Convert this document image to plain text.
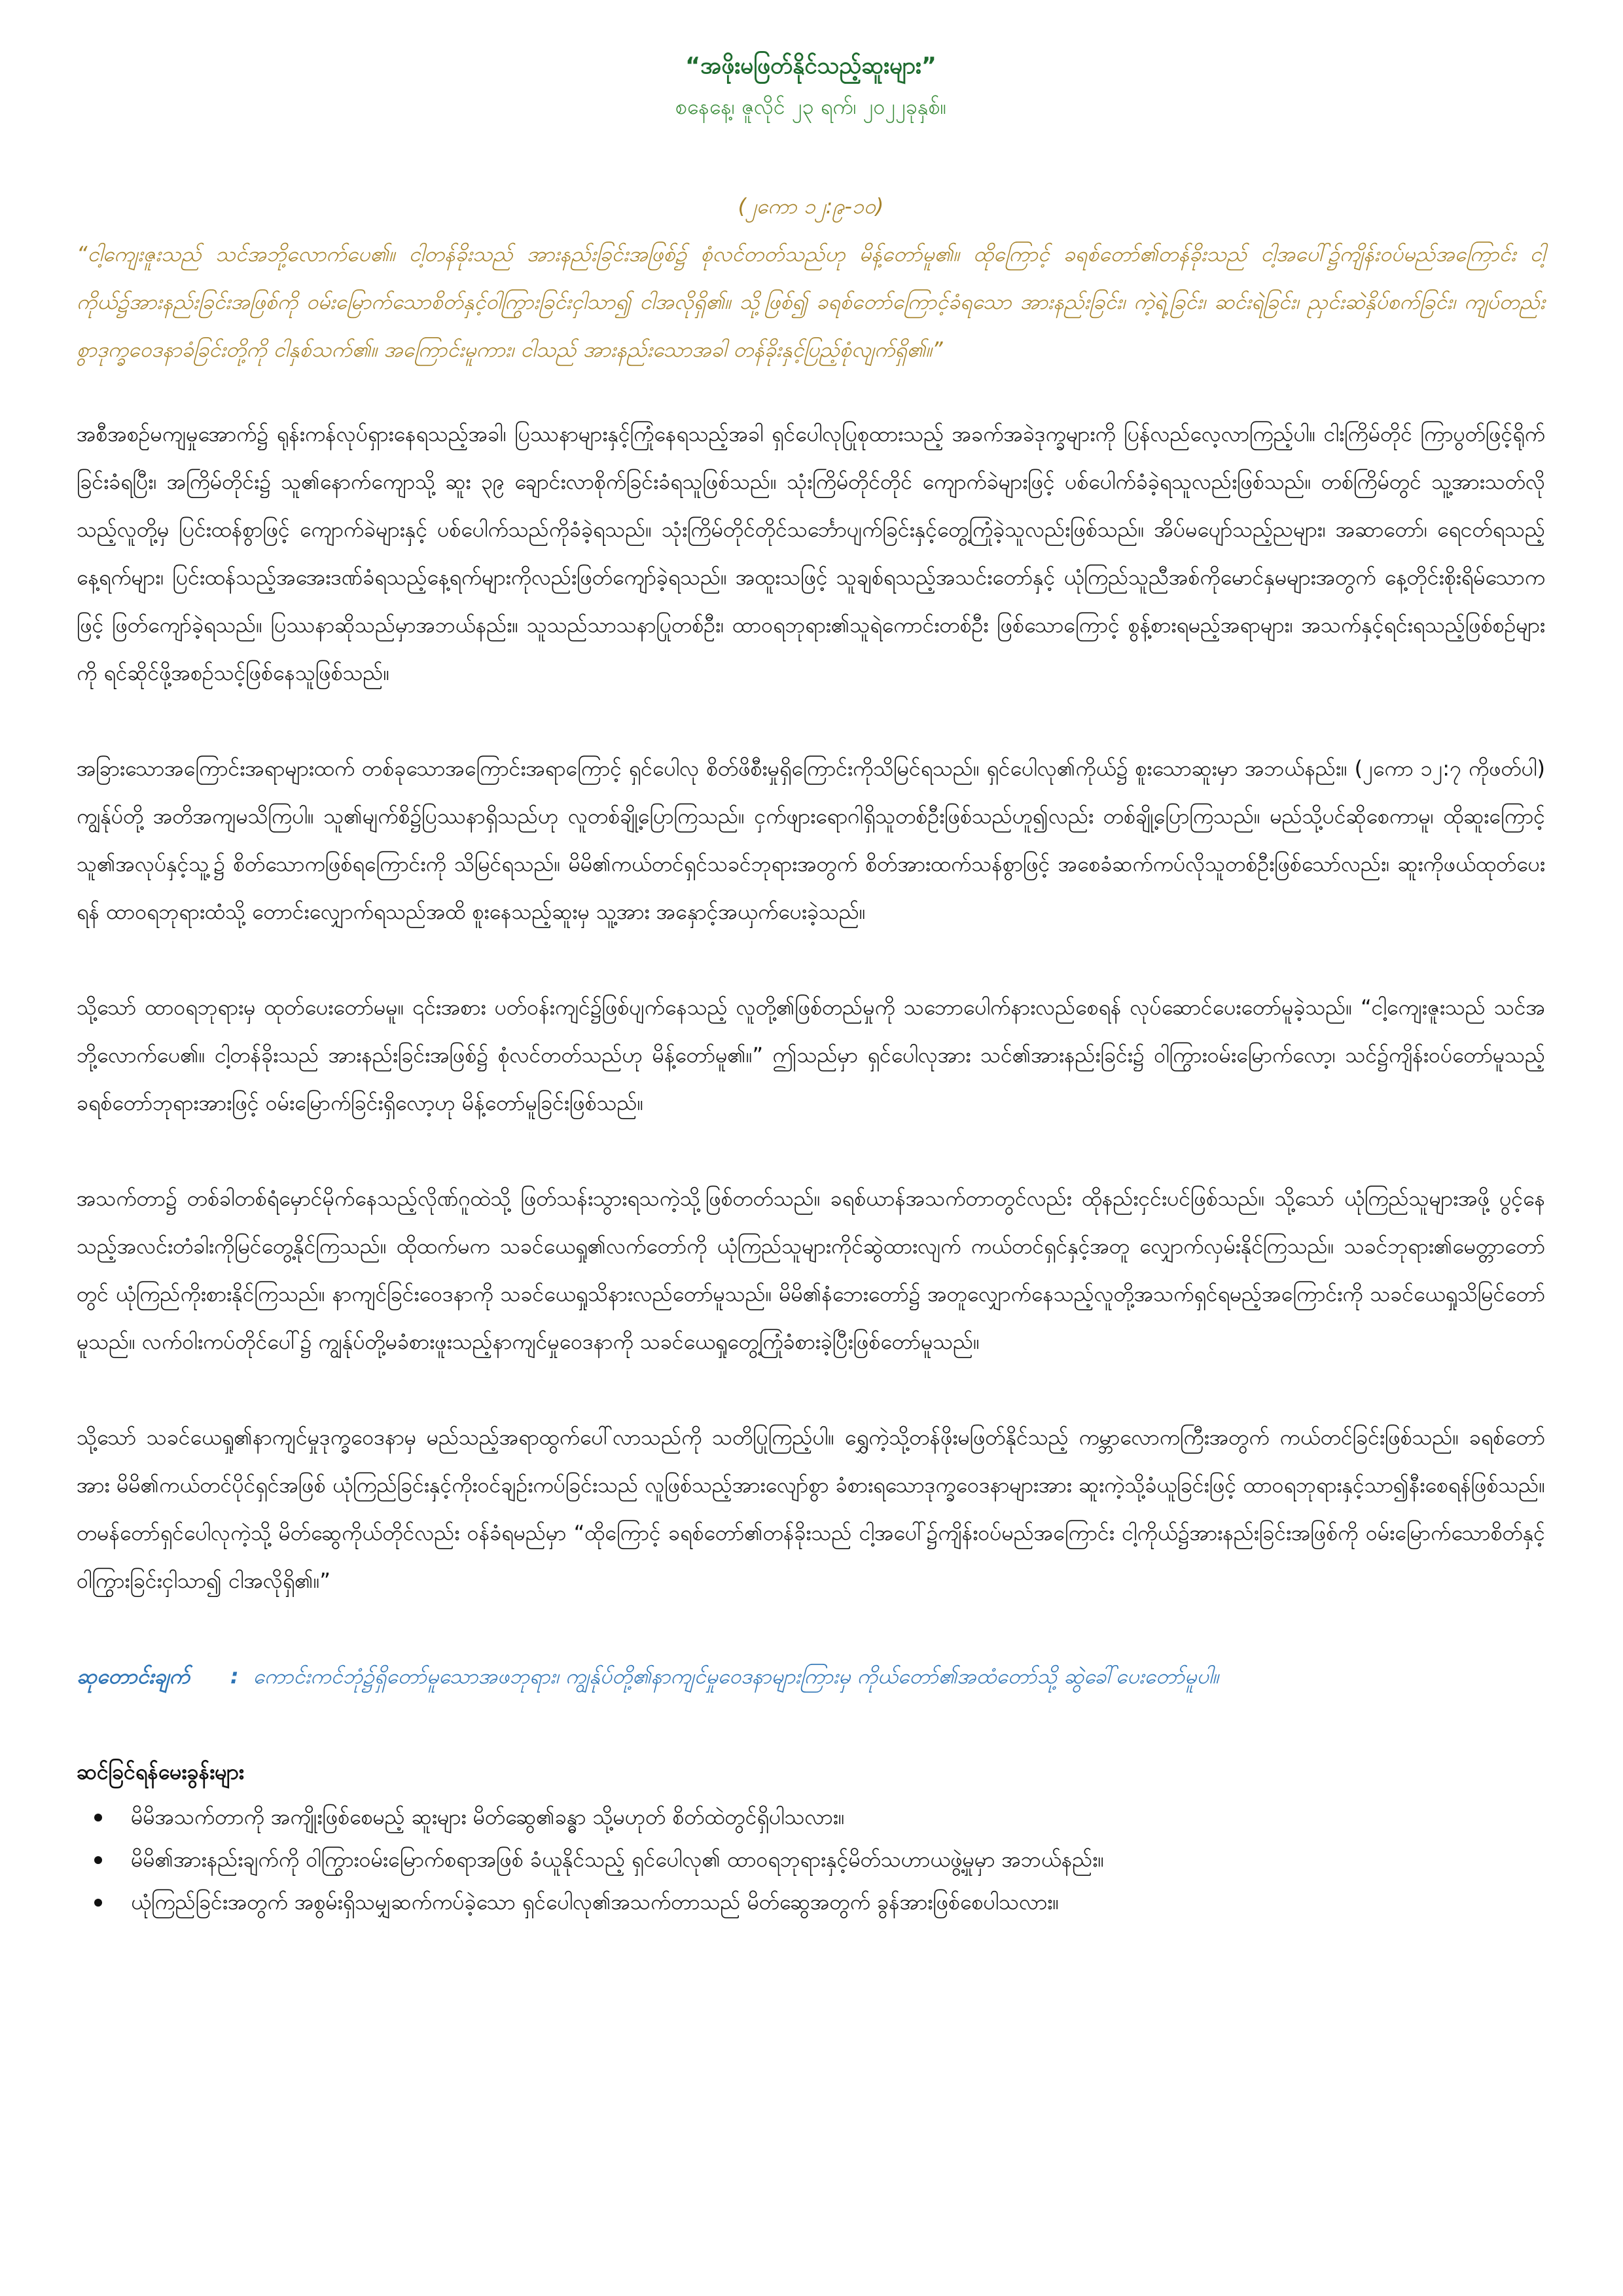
“အဖိုးမဖြတ်နိုင်သည့်ဆူးများ”
စနေနေ့၊ ဇူလိုင် ၂၃ ရက်၊ ၂၀၂၂ခုနှစ်။
(၂ကော ၁၂:၉-၁၀)

“ငါ့ကျေးဇူးသည် သင်အဘို့လောက်ပေ၏။ ငါ့တန်ခိုးသည် အားနည်းခြင်းအဖြစ်၌ စုံလင်တတ်သည်ဟု မိန့်တော်မူ၏။ ထိုကြောင့် ခရစ်တော်၏တန်ခိုးသည် ငါ့အပေါ်၌ကျိန်းဝပ်မည်အကြောင်း ငါ့ကိုယ်၌အားနည်းခြင်းအဖြစ်ကို ဝမ်းမြောက်သောစိတ်နှင့်ဝါကြွားခြင်းငှါသာ၍ ငါအလိုရှိ၏။ သို့ဖြစ်၍ ခရစ်တော်ကြောင့်ခံရသော အားနည်းခြင်း၊ ကဲ့ရဲ့ခြင်း၊ ဆင်းရဲခြင်း၊ ညှင်းဆဲနှိပ်စက်ခြင်း၊ ကျပ်တည်းစွာဒုက္ခဝေဒနာခံခြင်းတို့ကို ငါနှစ်သက်၏။ အကြောင်းမူကား၊ ငါသည် အားနည်းသောအခါ တန်ခိုးနှင့်ပြည့်စုံလျက်ရှိ၏။”

အစီအစဉ်မကျမှုအောက်၌ ရုန်းကန်လုပ်ရှားနေရသည့်အခါ၊ ပြဿနာများနှင့်ကြုံနေရသည့်အခါ ရှင်ပေါလုပြုစုထားသည့် အခက်အခဲဒုက္ခများကို ပြန်လည်လေ့လာကြည့်ပါ။ ငါးကြိမ်တိုင် ကြာပွတ်ဖြင့်ရိုက်ခြင်းခံရပြီး၊ အကြိမ်တိုင်း၌ သူ၏နောက်ကျောသို့ ဆူး ၃၉ ချောင်းလာစိုက်ခြင်းခံရသူဖြစ်သည်။ သုံးကြိမ်တိုင်တိုင် ကျောက်ခဲများဖြင့် ပစ်ပေါက်ခံခဲ့ရသူလည်းဖြစ်သည်။ တစ်ကြိမ်တွင် သူ့အားသတ်လိုသည့်လူတို့မှ ပြင်းထန်စွာဖြင့် ကျောက်ခဲများနှင့် ပစ်ပေါက်သည်ကိုခံခဲ့ရသည်။ သုံးကြိမ်တိုင်တိုင်သင်္ဘောပျက်ခြင်းနှင့်တွေ့ကြုံခဲ့သူလည်းဖြစ်သည်။ အိပ်မပျော်သည့်ညများ၊ အဆာတော်၊ ရေငတ်ရသည့် နေ့ရက်များ၊ ပြင်းထန်သည့်အအေးဒဏ်ခံရသည့်နေ့ရက်များကိုလည်းဖြတ်ကျော်ခဲ့ရသည်။ အထူးသဖြင့် သူချစ်ရသည့်အသင်းတော်နှင့် ယုံကြည်သူညီအစ်ကိုမောင်နှမများအတွက် နေ့တိုင်းစိုးရိမ်သောကဖြင့် ဖြတ်ကျော်ခဲ့ရသည်။ ပြဿနာဆိုသည်မှာအဘယ်နည်း။ သူသည်သာသနာပြုတစ်ဦး၊ ထာဝရဘုရား၏သူရဲကောင်းတစ်ဦး ဖြစ်သောကြောင့် စွန့်စားရမည့်အရာများ၊ အသက်နှင့်ရင်းရသည့်ဖြစ်စဉ်များကို ရင်ဆိုင်ဖို့အစဉ်သင့်ဖြစ်နေသူဖြစ်သည်။

အခြားသောအကြောင်းအရာများထက် တစ်ခုသောအကြောင်းအရာကြောင့် ရှင်ပေါလု စိတ်ဖိစီးမှုရှိကြောင်းကိုသိမြင်ရသည်။ ရှင်ပေါလု၏ကိုယ်၌ စူးသောဆူးမှာ အဘယ်နည်း။ (၂ကော ၁၂:၇ ကိုဖတ်ပါ) ကျွန်ုပ်တို့ အတိအကျမသိကြပါ။ သူ၏မျက်စိ၌ပြဿနာရှိသည်ဟု လူတစ်ချို့ပြောကြသည်။ ငှက်ဖျားရောဂါရှိသူတစ်ဦးဖြစ်သည်ဟူ၍လည်း တစ်ချို့ပြောကြသည်။ မည်သို့ပင်ဆိုစေကာမူ၊ ထိုဆူးကြောင့် သူ၏အလုပ်နှင့်သူ့၌ စိတ်သောကဖြစ်ရကြောင်းကို သိမြင်ရသည်။ မိမိ၏ကယ်တင်ရှင်သခင်ဘုရားအတွက် စိတ်အားထက်သန်စွာဖြင့် အစေခံဆက်ကပ်လိုသူတစ်ဦးဖြစ်သော်လည်း၊ ဆူးကိုဖယ်ထုတ်ပေးရန် ထာဝရဘုရားထံသို့ တောင်းလျှောက်ရသည်အထိ စူးနေသည့်ဆူးမှ သူ့အား အနှောင့်အယှက်ပေးခဲ့သည်။

သို့သော် ထာဝရဘုရားမှ ထုတ်ပေးတော်မမူ။ ၎င်းအစား ပတ်ဝန်းကျင်၌ဖြစ်ပျက်နေသည့် လူတို့၏ဖြစ်တည်မှုကို သဘောပေါက်နားလည်စေရန် လုပ်ဆောင်ပေးတော်မူခဲ့သည်။ “ငါ့ကျေးဇူးသည် သင်အဘို့လောက်ပေ၏။ ငါ့တန်ခိုးသည် အားနည်းခြင်းအဖြစ်၌ စုံလင်တတ်သည်ဟု မိန့်တော်မူ၏။” ဤသည်မှာ ရှင်ပေါလုအား သင်၏အားနည်းခြင်း၌ ဝါကြွားဝမ်းမြောက်လော့၊ သင်၌ကျိန်းဝပ်တော်မူသည့်ခရစ်တော်ဘုရားအားဖြင့် ဝမ်းမြောက်ခြင်းရှိလော့ဟု မိန့်တော်မူခြင်းဖြစ်သည်။

အသက်တာ၌ တစ်ခါတစ်ရံမှောင်မိုက်နေသည့်လိုဏ်ဂူထဲသို့ ဖြတ်သန်းသွားရသကဲ့သို့ဖြစ်တတ်သည်။ ခရစ်ယာန်အသက်တာတွင်လည်း ထိုနည်းငှင်းပင်ဖြစ်သည်။ သို့သော် ယုံကြည်သူများအဖို့ ပွင့်နေသည့်အလင်းတံခါးကိုမြင်တွေ့နိုင်ကြသည်။ ထိုထက်မက သခင်ယေရှု၏လက်တော်ကို ယုံကြည်သူများကိုင်ဆွဲထားလျက် ကယ်တင်ရှင်နှင့်အတူ လျှောက်လှမ်းနိုင်ကြသည်။ သခင်ဘုရား၏မေတ္တာတော်တွင် ယုံကြည်ကိုးစားနိုင်ကြသည်။ နာကျင်ခြင်းဝေဒနာကို သခင်ယေရှုသိနားလည်တော်မူသည်။ မိမိ၏နံဘေးတော်၌ အတူလျှောက်နေသည့်လူတို့အသက်ရှင်ရမည့်အကြောင်းကို သခင်ယေရှုသိမြင်တော်မူသည်။ လက်ဝါးကပ်တိုင်ပေါ်၌ ကျွန်ုပ်တို့မခံစားဖူးသည့်နာကျင်မှုဝေဒနာကို သခင်ယေရှုတွေ့ကြုံခံစားခဲ့ပြီးဖြစ်တော်မူသည်။

သို့သော် သခင်ယေရှု၏နာကျင်မှုဒုက္ခဝေဒနာမှ မည်သည့်အရာထွက်ပေါ်လာသည်ကို သတိပြုကြည့်ပါ။ ရွှေကဲ့သို့တန်ဖိုးမဖြတ်နိုင်သည့် ကမ္ဘာလောကကြီးအတွက် ကယ်တင်ခြင်းဖြစ်သည်။ ခရစ်တော်အား မိမိ၏ကယ်တင်ပိုင်ရှင်အဖြစ် ယုံကြည်ခြင်းနှင့်ကိုးဝင်ချဉ်းကပ်ခြင်းသည် လူဖြစ်သည့်အားလျော်စွာ ခံစားရသောဒုက္ခဝေဒနာများအား ဆူးကဲ့သို့ခံယူခြင်းဖြင့် ထာဝရဘုရားနှင့်သာ၍နီးစေရန်ဖြစ်သည်။ တမန်တော်ရှင်ပေါလုကဲ့သို့ မိတ်ဆွေကိုယ်တိုင်လည်း ဝန်ခံရမည်မှာ “ထိုကြောင့် ခရစ်တော်၏တန်ခိုးသည် ငါ့အပေါ်၌ကျိန်းဝပ်မည်အကြောင်း ငါ့ကိုယ်၌အားနည်းခြင်းအဖြစ်ကို ဝမ်းမြောက်သောစိတ်နှင့် ဝါကြွားခြင်းငှါသာ၍ ငါအလိုရှိ၏။”

ဆုတောင်းချက် : ကောင်းကင်ဘုံ၌ရှိတော်မူသောအဖဘုရား၊ ကျွန်ုပ်တို့၏နာကျင်မှုဝေဒနာများကြားမှ ကိုယ်တော်၏အထံတော်သို့ ဆွဲခေါ်ပေးတော်မူပါ။

ဆင်ခြင်ရန်မေးခွန်းများ
မိမိအသက်တာကို အကျိုးဖြစ်စေမည့် ဆူးများ မိတ်ဆွေ၏ခန္ဓာ သို့မဟုတ် စိတ်ထဲတွင်ရှိပါသလား။
မိမိ၏အားနည်းချက်ကို ဝါကြွားဝမ်းမြောက်စရာအဖြစ် ခံယူနိုင်သည့် ရှင်ပေါလု၏ ထာဝရဘုရားနှင့်မိတ်သဟာယဖွဲ့မှုမှာ အဘယ်နည်း။
ယုံကြည်ခြင်းအတွက် အစွမ်းရှိသမျှဆက်ကပ်ခဲ့သော ရှင်ပေါလု၏အသက်တာသည် မိတ်ဆွေအတွက် ခွန်အားဖြစ်စေပါသလား။
